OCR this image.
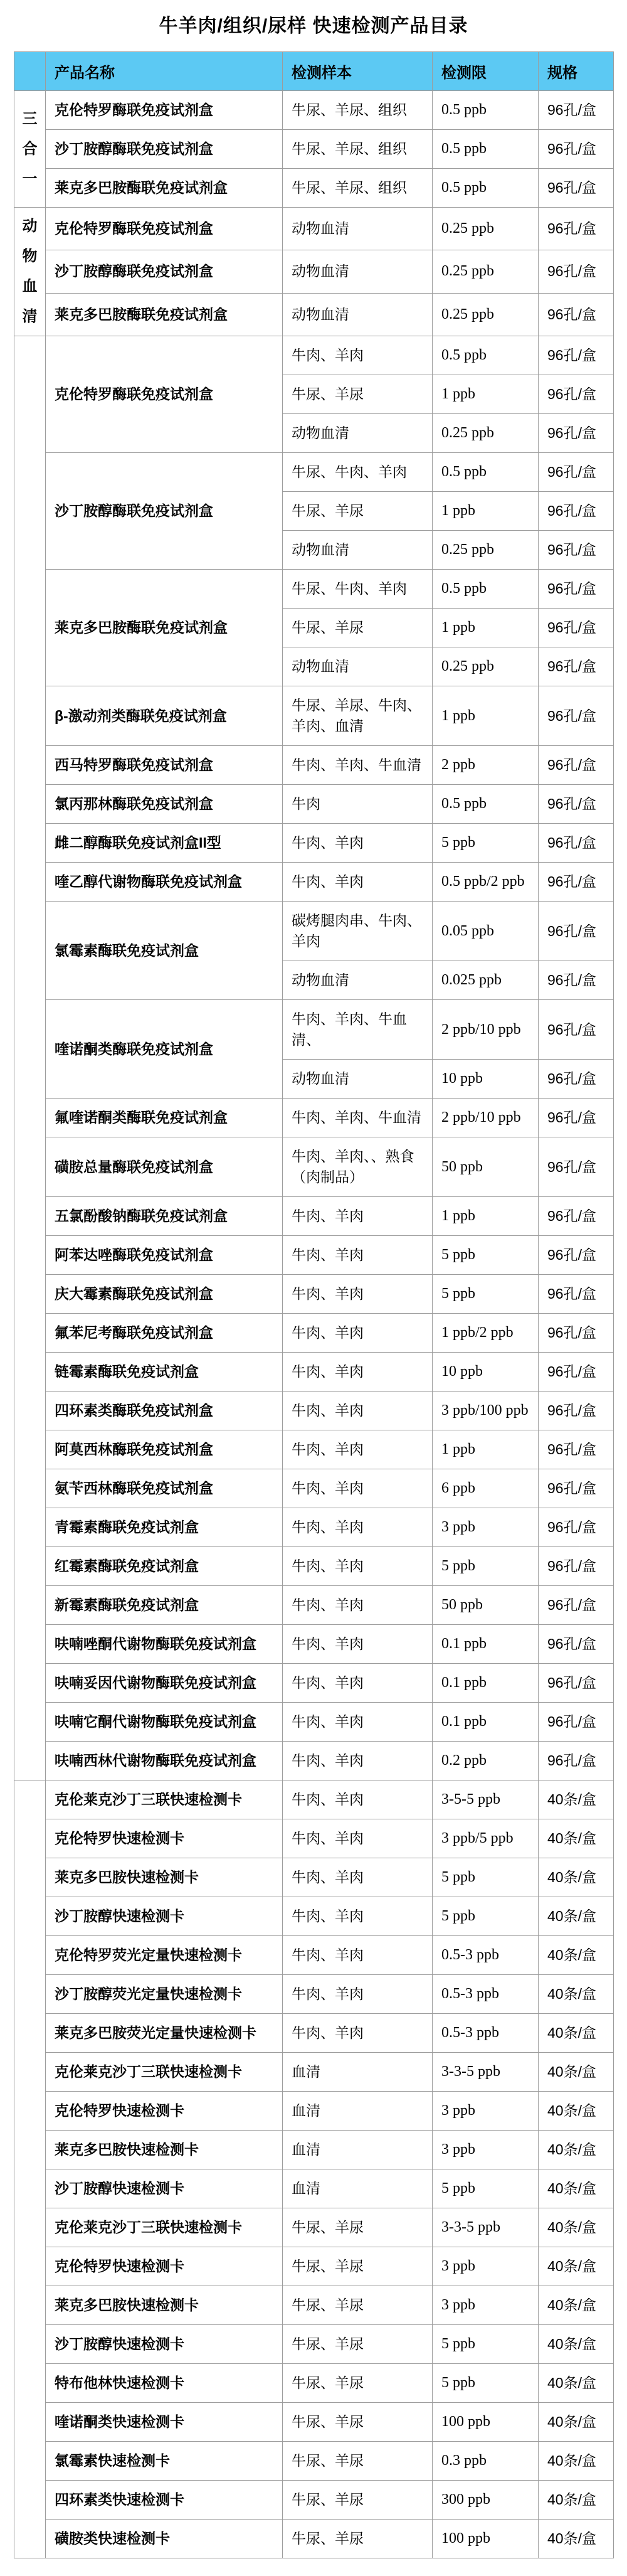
牛羊肉/组织/尿样 快速检测产品目录
	产品名称	检测样本	检测限	规格
三合一	克伦特罗酶联免疫试剂盒	牛尿、羊尿、组织	0.5 ppb	96孔/盒
	沙丁胺醇酶联免疫试剂盒	牛尿、羊尿、组织	0.5 ppb	96孔/盒
	莱克多巴胺酶联免疫试剂盒	牛尿、羊尿、组织	0.5 ppb	96孔/盒
动物血清	克伦特罗酶联免疫试剂盒	动物血清	0.25 ppb	96孔/盒
	沙丁胺醇酶联免疫试剂盒	动物血清	0.25 ppb	96孔/盒
	莱克多巴胺酶联免疫试剂盒	动物血清	0.25 ppb	96孔/盒
	克伦特罗酶联免疫试剂盒	牛肉、羊肉	0.5 ppb	96孔/盒
		牛尿、羊尿	1 ppb	96孔/盒
		动物血清	0.25 ppb	96孔/盒
	沙丁胺醇酶联免疫试剂盒	牛尿、牛肉、羊肉	0.5 ppb	96孔/盒
		牛尿、羊尿	1 ppb	96孔/盒
		动物血清	0.25 ppb	96孔/盒
	莱克多巴胺酶联免疫试剂盒	牛尿、牛肉、羊肉	0.5 ppb	96孔/盒
		牛尿、羊尿	1 ppb	96孔/盒
		动物血清	0.25 ppb	96孔/盒
	β-激动剂类酶联免疫试剂盒	牛尿、羊尿、牛肉、羊肉、血清	1 ppb	96孔/盒
	西马特罗酶联免疫试剂盒	牛肉、羊肉、牛血清	2 ppb	96孔/盒
	氯丙那林酶联免疫试剂盒	牛肉	0.5 ppb	96孔/盒
	雌二醇酶联免疫试剂盒II型	牛肉、羊肉	5 ppb	96孔/盒
	喹乙醇代谢物酶联免疫试剂盒	牛肉、羊肉	0.5 ppb/2 ppb	96孔/盒
	氯霉素酶联免疫试剂盒	碳烤腿肉串、牛肉、羊肉	0.05 ppb	96孔/盒
		动物血清	0.025 ppb	96孔/盒
	喹诺酮类酶联免疫试剂盒	牛肉、羊肉、牛血清、	2 ppb/10 ppb	96孔/盒
		动物血清	10 ppb	96孔/盒
	氟喹诺酮类酶联免疫试剂盒	牛肉、羊肉、牛血清	2 ppb/10 ppb	96孔/盒
	磺胺总量酶联免疫试剂盒	牛肉、羊肉、、熟食（肉制品）	50 ppb	96孔/盒
	五氯酚酸钠酶联免疫试剂盒	牛肉、羊肉	1 ppb	96孔/盒
	阿苯达唑酶联免疫试剂盒	牛肉、羊肉	5 ppb	96孔/盒
	庆大霉素酶联免疫试剂盒	牛肉、羊肉	5 ppb	96孔/盒
	氟苯尼考酶联免疫试剂盒	牛肉、羊肉	1 ppb/2 ppb	96孔/盒
	链霉素酶联免疫试剂盒	牛肉、羊肉	10 ppb	96孔/盒
	四环素类酶联免疫试剂盒	牛肉、羊肉	3 ppb/100 ppb	96孔/盒
	阿莫西林酶联免疫试剂盒	牛肉、羊肉	1 ppb	96孔/盒
	氨苄西林酶联免疫试剂盒	牛肉、羊肉	6 ppb	96孔/盒
	青霉素酶联免疫试剂盒	牛肉、羊肉	3 ppb	96孔/盒
	红霉素酶联免疫试剂盒	牛肉、羊肉	5 ppb	96孔/盒
	新霉素酶联免疫试剂盒	牛肉、羊肉	50 ppb	96孔/盒
	呋喃唑酮代谢物酶联免疫试剂盒	牛肉、羊肉	0.1 ppb	96孔/盒
	呋喃妥因代谢物酶联免疫试剂盒	牛肉、羊肉	0.1 ppb	96孔/盒
	呋喃它酮代谢物酶联免疫试剂盒	牛肉、羊肉	0.1 ppb	96孔/盒
	呋喃西林代谢物酶联免疫试剂盒	牛肉、羊肉	0.2 ppb	96孔/盒
	克伦莱克沙丁三联快速检测卡	牛肉、羊肉	3-5-5 ppb	40条/盒
	克伦特罗快速检测卡	牛肉、羊肉	3 ppb/5 ppb	40条/盒
	莱克多巴胺快速检测卡	牛肉、羊肉	5 ppb	40条/盒
	沙丁胺醇快速检测卡	牛肉、羊肉	5 ppb	40条/盒
	克伦特罗荧光定量快速检测卡	牛肉、羊肉	0.5-3 ppb	40条/盒
	沙丁胺醇荧光定量快速检测卡	牛肉、羊肉	0.5-3 ppb	40条/盒
	莱克多巴胺荧光定量快速检测卡	牛肉、羊肉	0.5-3 ppb	40条/盒
	克伦莱克沙丁三联快速检测卡	血清	3-3-5 ppb	40条/盒
	克伦特罗快速检测卡	血清	3 ppb	40条/盒
	莱克多巴胺快速检测卡	血清	3 ppb	40条/盒
	沙丁胺醇快速检测卡	血清	5 ppb	40条/盒
	克伦莱克沙丁三联快速检测卡	牛尿、羊尿	3-3-5 ppb	40条/盒
	克伦特罗快速检测卡	牛尿、羊尿	3 ppb	40条/盒
	莱克多巴胺快速检测卡	牛尿、羊尿	3 ppb	40条/盒
	沙丁胺醇快速检测卡	牛尿、羊尿	5 ppb	40条/盒
	特布他林快速检测卡	牛尿、羊尿	5 ppb	40条/盒
	喹诺酮类快速检测卡	牛尿、羊尿	100 ppb	40条/盒
	氯霉素快速检测卡	牛尿、羊尿	0.3 ppb	40条/盒
	四环素类快速检测卡	牛尿、羊尿	300 ppb	40条/盒
	磺胺类快速检测卡	牛尿、羊尿	100 ppb	40条/盒
